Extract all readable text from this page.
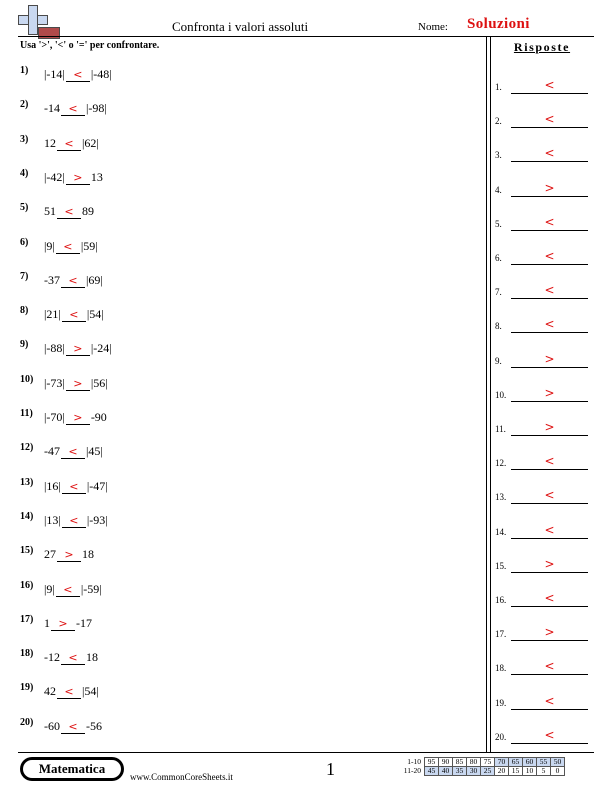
Confronta i valori assoluti	Nome: Soluzioni
Usa '>', '<' o '=' per confrontare.	Risposte
1) |-14| < |-48|
2) -14 < |-98|
3) 12 < |62|
4) |-42| > 13
5) 51 < 89
6) |9| < |59|
7) -37 < |69|
8) |21| < |54|
9) |-88| > |-24|
10) |-73| > |56|
11) |-70| > -90
12) -47 < |45|
13) |16| < |-47|
14) |13| < |-93|
15) 27 > 18
16) |9| < |-59|
17) 1 > -17
18) -12 < 18
19) 42 < |54|
20) -60 < -56
1.	<
2.	<
3.	<
4.	>
5.	<
6.	<
7.	<
8.	<
9.	>
10.	>
11.	>
12.	<
13.	<
14.	<
15.	>
16.	<
17.	>
18.	<
19.	<
20.	<
Matematica
www.CommonCoreSheets.it	1	1-10	95	90	85	80	75	70	65	60	55	50
11-20	45	40	35	30	25	20	15	10	5	0
